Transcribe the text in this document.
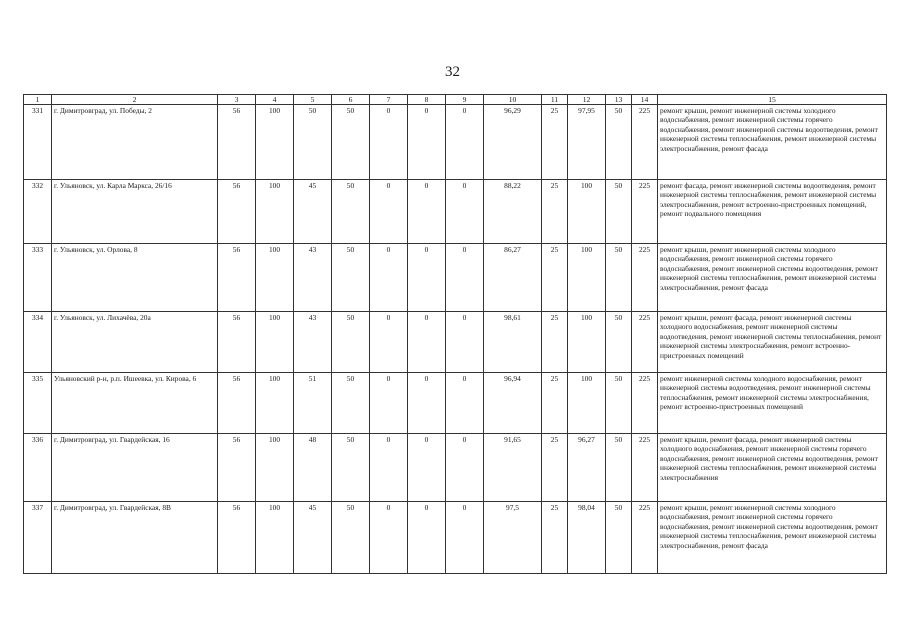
32
1	2	3	4	5	6	7	8	9	10	11	12	13	14	15
331	г. Димитровград, ул. Победы, 2	56	100	50	50	0	0	0	96,29	25	97,95	50	225	ремонт крыши, ремонт инженерной системы холодного водоснабжения, ремонт инженерной системы горячего водоснабжения, ремонт инженерной системы водоотведения, ремонт инженерной системы теплоснабжения, ремонт инженерной системы электроснабжения, ремонт фасада
332	г. Ульяновск, ул. Карла Маркса, 26/16	56	100	45	50	0	0	0	88,22	25	100	50	225	ремонт фасада, ремонт инженерной системы водоотведения, ремонт инженерной системы теплоснабжения, ремонт инженерной системы электроснабжения, ремонт встроенно-пристроенных помещений, ремонт подвального помещения
333	г. Ульяновск, ул. Орлова, 8	56	100	43	50	0	0	0	86,27	25	100	50	225	ремонт крыши, ремонт инженерной системы холодного водоснабжения, ремонт инженерной системы горячего водоснабжения, ремонт инженерной системы водоотведения, ремонт инженерной системы теплоснабжения, ремонт инженерной системы электроснабжения, ремонт фасада
334	г. Ульяновск, ул. Лихачёва, 20а	56	100	43	50	0	0	0	98,61	25	100	50	225	ремонт крыши, ремонт фасада, ремонт инженерной системы холодного водоснабжения, ремонт инженерной системы водоотведения, ремонт инженерной системы теплоснабжения, ремонт инженерной системы электроснабжения, ремонт встроенно-пристроенных помещений
335	Ульяновский р-н, р.п. Ишеевка, ул. Кирова, 6	56	100	51	50	0	0	0	96,94	25	100	50	225	ремонт инженерной системы холодного водоснабжения, ремонт инженерной системы водоотведения, ремонт инженерной системы теплоснабжения, ремонт инженерной системы электроснабжения, ремонт встроенно-пристроенных помещений
336	г. Димитровград, ул. Гвардейская, 16	56	100	48	50	0	0	0	91,65	25	96,27	50	225	ремонт крыши, ремонт фасада, ремонт инженерной системы холодного водоснабжения, ремонт инженерной системы горячего водоснабжения, ремонт инженерной системы водоотведения, ремонт инженерной системы теплоснабжения, ремонт инженерной системы электроснабжения
337	г. Димитровград, ул. Гвардейская, 8В	56	100	45	50	0	0	0	97,5	25	98,04	50	225	ремонт крыши, ремонт инженерной системы холодного водоснабжения, ремонт инженерной системы горячего водоснабжения, ремонт инженерной системы водоотведения, ремонт инженерной системы теплоснабжения, ремонт инженерной системы электроснабжения, ремонт фасада
